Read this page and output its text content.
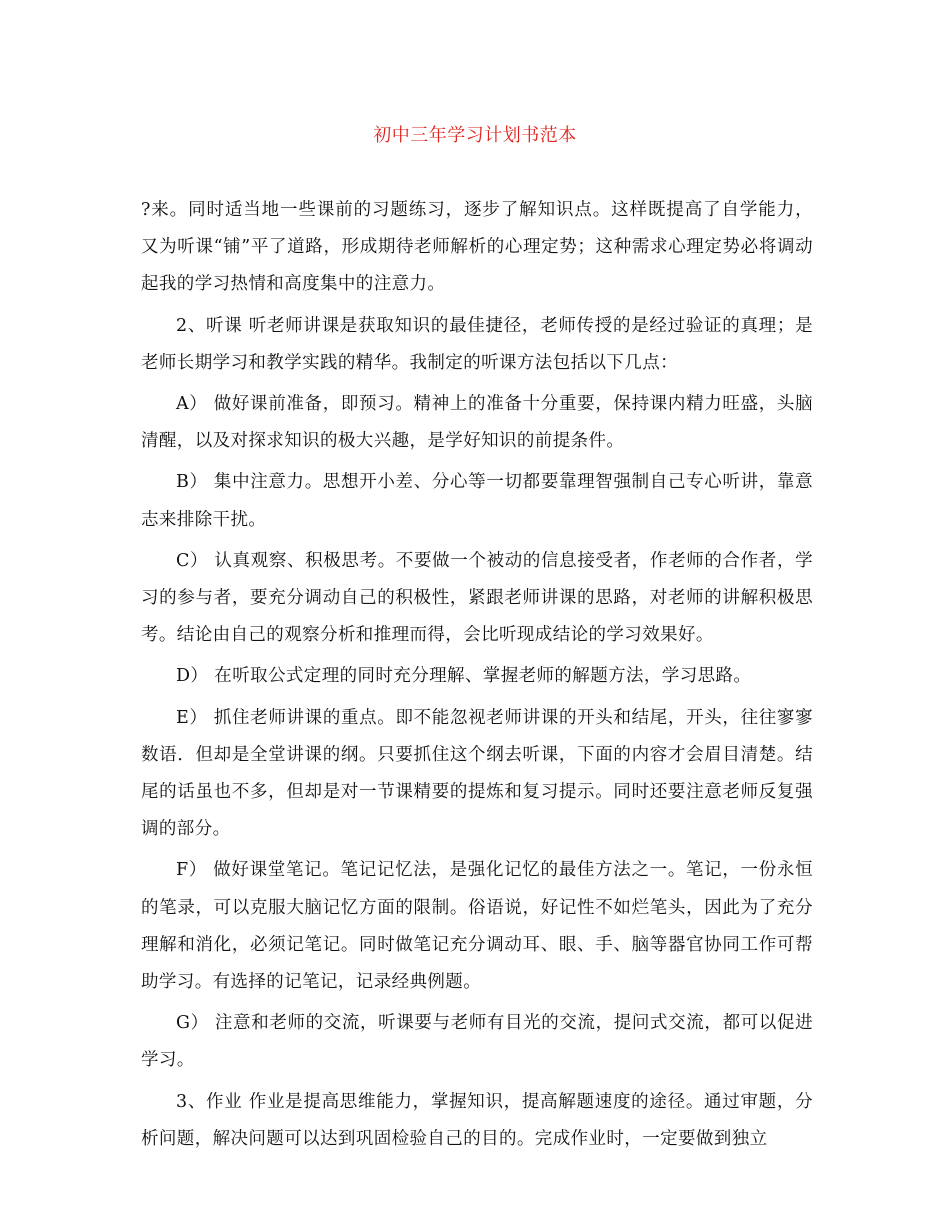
初中三年学习计划书范本

?来。同时适当地一些课前的习题练习，逐步了解知识点。这样既提高了自学能力，又为听课“铺”平了道路，形成期待老师解析的心理定势；这种需求心理定势必将调动起我的学习热情和高度集中的注意力。

2、听课 听老师讲课是获取知识的最佳捷径，老师传授的是经过验证的真理；是老师长期学习和教学实践的精华。我制定的听课方法包括以下几点：

A） 做好课前准备，即预习。精神上的准备十分重要，保持课内精力旺盛，头脑清醒，以及对探求知识的极大兴趣，是学好知识的前提条件。

B） 集中注意力。思想开小差、分心等一切都要靠理智强制自己专心听讲，靠意志来排除干扰。

C） 认真观察、积极思考。不要做一个被动的信息接受者，作老师的合作者，学习的参与者，要充分调动自己的积极性，紧跟老师讲课的思路，对老师的讲解积极思考。结论由自己的观察分析和推理而得，会比听现成结论的学习效果好。

D） 在听取公式定理的同时充分理解、掌握老师的解题方法，学习思路。

E） 抓住老师讲课的重点。即不能忽视老师讲课的开头和结尾，开头，往往寥寥数语．但却是全堂讲课的纲。只要抓住这个纲去听课，下面的内容才会眉目清楚。结尾的话虽也不多，但却是对一节课精要的提炼和复习提示。同时还要注意老师反复强调的部分。

F） 做好课堂笔记。笔记记忆法，是强化记忆的最佳方法之一。笔记，一份永恒的笔录，可以克服大脑记忆方面的限制。俗语说，好记性不如烂笔头，因此为了充分理解和消化，必须记笔记。同时做笔记充分调动耳、眼、手、脑等器官协同工作可帮助学习。有选择的记笔记，记录经典例题。

G） 注意和老师的交流，听课要与老师有目光的交流，提问式交流，都可以促进学习。

3、作业 作业是提高思维能力，掌握知识，提高解题速度的途径。通过审题，分析问题，解决问题可以达到巩固检验自己的目的。完成作业时，一定要做到独立
